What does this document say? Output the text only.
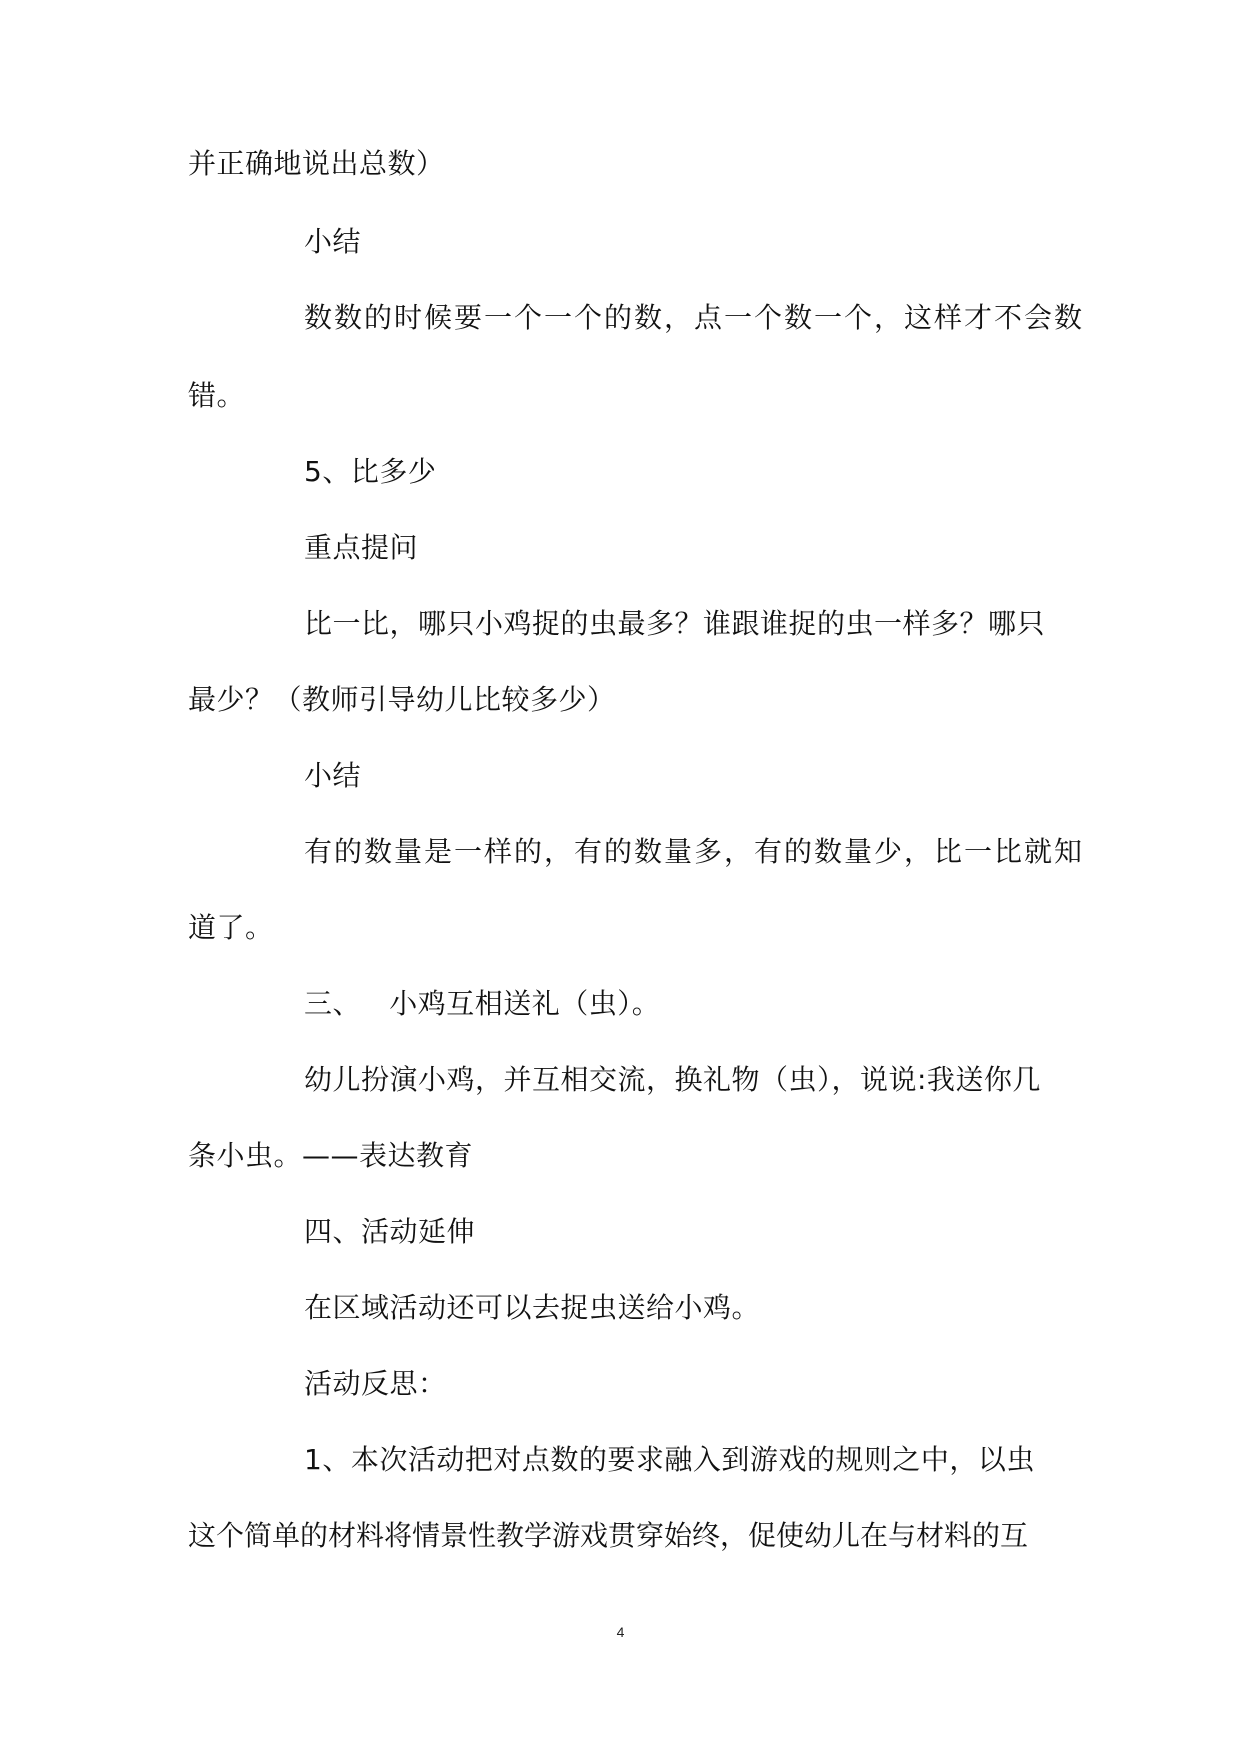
并正确地说出总数）
小结
数数的时候要一个一个的数，点一个数一个，这样才不会数
错。
5、比多少
重点提问
比一比，哪只小鸡捉的虫最多？谁跟谁捉的虫一样多？哪只
最少？（教师引导幼儿比较多少）
小结
有的数量是一样的，有的数量多，有的数量少，比一比就知
道了。
三、   小鸡互相送礼（虫）。
幼儿扮演小鸡，并互相交流，换礼物（虫），说说:我送你几
条小虫。——表达教育
四、活动延伸
在区域活动还可以去捉虫送给小鸡。
活动反思：
1、本次活动把对点数的要求融入到游戏的规则之中，以虫
这个简单的材料将情景性教学游戏贯穿始终，促使幼儿在与材料的互
4
